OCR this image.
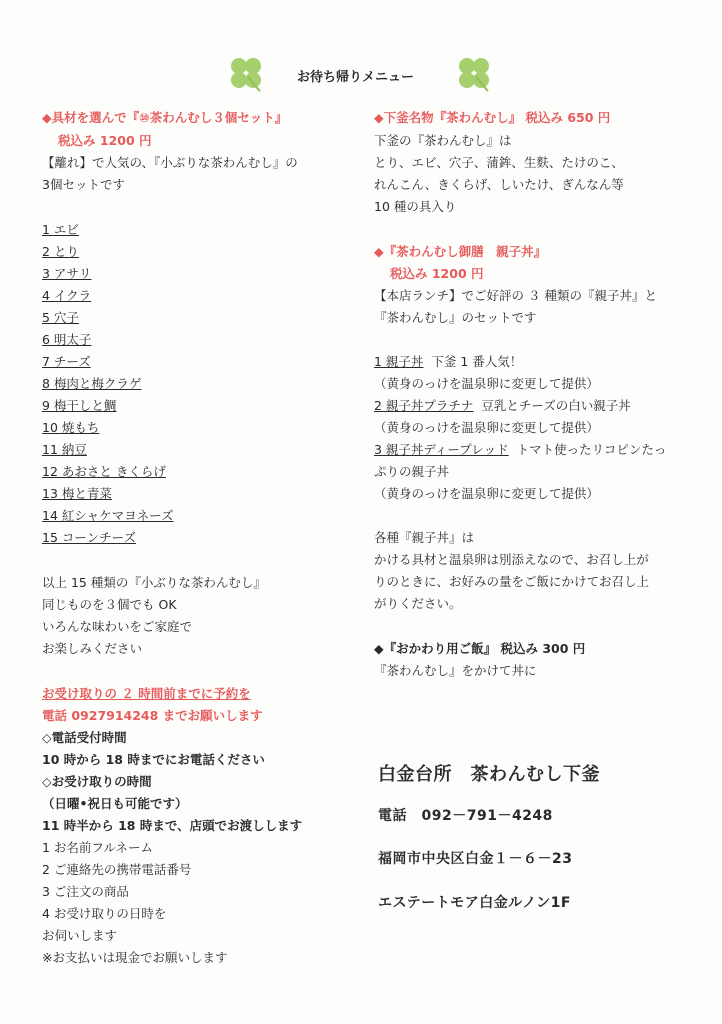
お待ち帰りメニュー
◆具材を選んで『⑩茶わんむし３個セット』
税込み 1200 円
【離れ】で人気の、『小ぶりな茶わんむし』の
3個セットです
1 エビ
2 とり
3 アサリ
4 イクラ
5 穴子
6 明太子
7 チーズ
8 梅肉と梅クラゲ
9 梅干しと鯛
10 焼もち
11 納豆
12 あおさと きくらげ
13 梅と青菜
14 紅シャケマヨネーズ
15 コーンチーズ
以上 15 種類の『小ぶりな茶わんむし』
同じものを３個でも OK
いろんな味わいをご家庭で
お楽しみください
お受け取りの ２ 時間前までに予約を
電話 0927914248 までお願いします
◇電話受付時間
10 時から 18 時までにお電話ください
◇お受け取りの時間
（日曜•祝日も可能です）
11 時半から 18 時まで、店頭でお渡しします
1 お名前フルネーム
2 ご連絡先の携帯電話番号
3 ご注文の商品
4 お受け取りの日時を
お伺いします
※お支払いは現金でお願いします
◆下釜名物『茶わんむし』 税込み 650 円
下釜の『茶わんむし』は
とり、エビ、穴子、蒲鉾、生麩、たけのこ、
れんこん、きくらげ、しいたけ、ぎんなん等
10 種の具入り
◆『茶わんむし御膳　親子丼』
税込み 1200 円
【本店ランチ】でご好評の ３ 種類の『親子丼』と
『茶わんむし』のセットです
1 親子丼 下釜 1 番人気！
（黄身のっけを温泉卵に変更して提供）
2 親子丼プラチナ 豆乳とチーズの白い親子丼
（黄身のっけを温泉卵に変更して提供）
3 親子丼ディープレッド トマト使ったリコピンたっ
ぷりの親子丼
（黄身のっけを温泉卵に変更して提供）
各種『親子丼』は
かける具材と温泉卵は別添えなので、お召し上が
りのときに、お好みの量をご飯にかけてお召し上
がりください。
◆『おかわり用ご飯』 税込み 300 円
『茶わんむし』をかけて丼に
白金台所　茶わんむし下釜
電話　092－791－4248
福岡市中央区白金１－６－23
エステートモア白金ルノン1F
